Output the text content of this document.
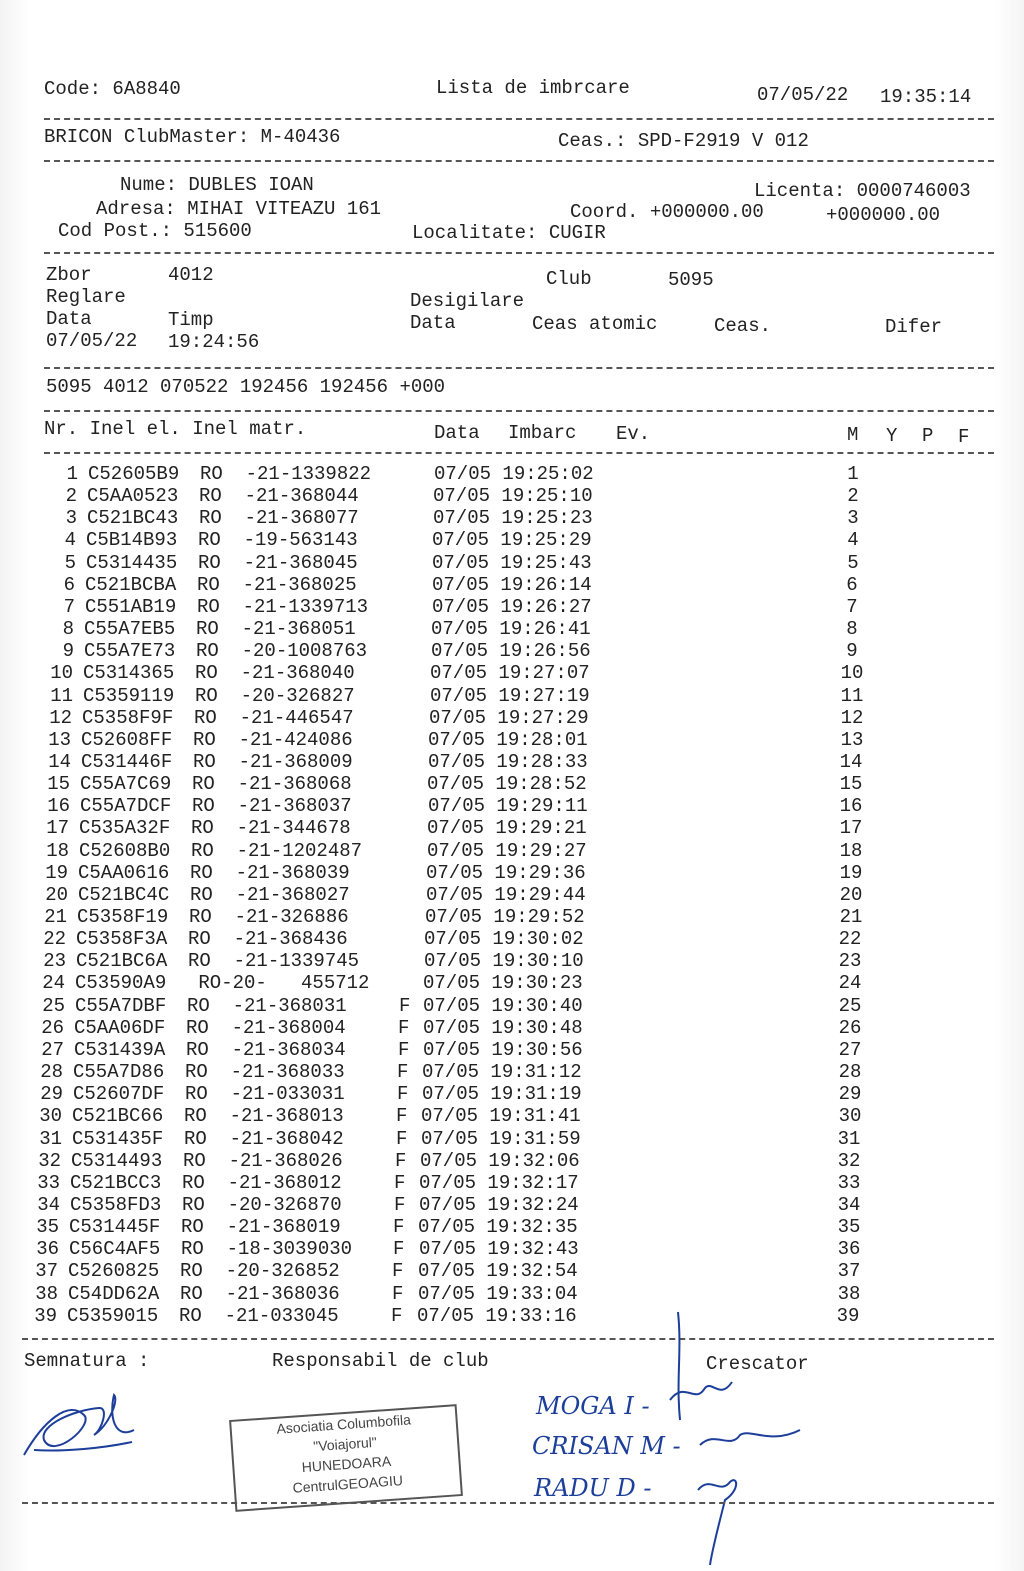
Code: 6A8840	Lista de imbrcare	07/05/22 19:35:14
BRICON ClubMaster: M-40436	Ceas.: SPD-F2919 V 012
Nume: DUBLES IOAN	Licenta: 0000746003
Adresa: MIHAI VITEAZU 161	Coord. +000000.00	+000000.00
Cod Post.: 515600	Localitate: CUGIR
Zbor	4012	Club	5095
Reglare	Desigilare
Data	Timp	Data	Ceas atomic	Ceas.	Difer
07/05/22 19:24:56
5095 4012 070522 192456 192456 +000
Nr. Inel el. Inel matr.	Data Imbarc Ev.	M Y P F
1 C52605B9 RO  -21-1339822	07/05 19:25:02	1
2 C5AA0523 RO  -21-368044	07/05 19:25:10	2
3 C521BC43 RO  -21-368077	07/05 19:25:23	3
4 C5B14B93 RO  -19-563143	07/05 19:25:29	4
5 C5314435 RO  -21-368045	07/05 19:25:43	5
6 C521BCBA RO  -21-368025	07/05 19:26:14	6
7 C551AB19 RO  -21-1339713	07/05 19:26:27	7
8 C55A7EB5 RO  -21-368051	07/05 19:26:41	8
9 C55A7E73 RO  -20-1008763	07/05 19:26:56	9
10 C5314365 RO  -21-368040	07/05 19:27:07	10
11 C5359119 RO  -20-326827	07/05 19:27:19	11
12 C5358F9F RO  -21-446547	07/05 19:27:29	12
13 C52608FF RO  -21-424086	07/05 19:28:01	13
14 C531446F RO  -21-368009	07/05 19:28:33	14
15 C55A7C69 RO  -21-368068	07/05 19:28:52	15
16 C55A7DCF RO  -21-368037	07/05 19:29:11	16
17 C535A32F RO  -21-344678	07/05 19:29:21	17
18 C52608B0 RO  -21-1202487	07/05 19:29:27	18
19 C5AA0616 RO  -21-368039	07/05 19:29:36	19
20 C521BC4C RO  -21-368027	07/05 19:29:44	20
21 C5358F19 RO  -21-326886	07/05 19:29:52	21
22 C5358F3A RO  -21-368436	07/05 19:30:02	22
23 C521BC6A RO  -21-1339745	07/05 19:30:10	23
24 C53590A9 RO-20-   455712	07/05 19:30:23	24
25 C55A7DBF RO  -21-368031	F 07/05 19:30:40	25
26 C5AA06DF RO  -21-368004	F 07/05 19:30:48	26
27 C531439A RO  -21-368034	F 07/05 19:30:56	27
28 C55A7D86 RO  -21-368033	F 07/05 19:31:12	28
29 C52607DF RO  -21-033031	F 07/05 19:31:19	29
30 C521BC66 RO  -21-368013	F 07/05 19:31:41	30
31 C531435F RO  -21-368042	F 07/05 19:31:59	31
32 C5314493 RO  -21-368026	F 07/05 19:32:06	32
33 C521BCC3 RO  -21-368012	F 07/05 19:32:17	33
34 C5358FD3 RO  -20-326870	F 07/05 19:32:24	34
35 C531445F RO  -21-368019	F 07/05 19:32:35	35
36 C56C4AF5 RO  -18-3039030 F 07/05 19:32:43	36
37 C5260825 RO  -20-326852	F 07/05 19:32:54	37
38 C54DD62A RO  -21-368036	F 07/05 19:33:04	38
39 C5359015 RO  -21-033045	F 07/05 19:33:16	39
Semnatura :	Responsabil de club	Crescator
Asociatia Columbofila
"Voiajorul"
HUNEDOARA
CentrulGEOAGIU
MOGA I -
CRISAN M -
RADU D -
